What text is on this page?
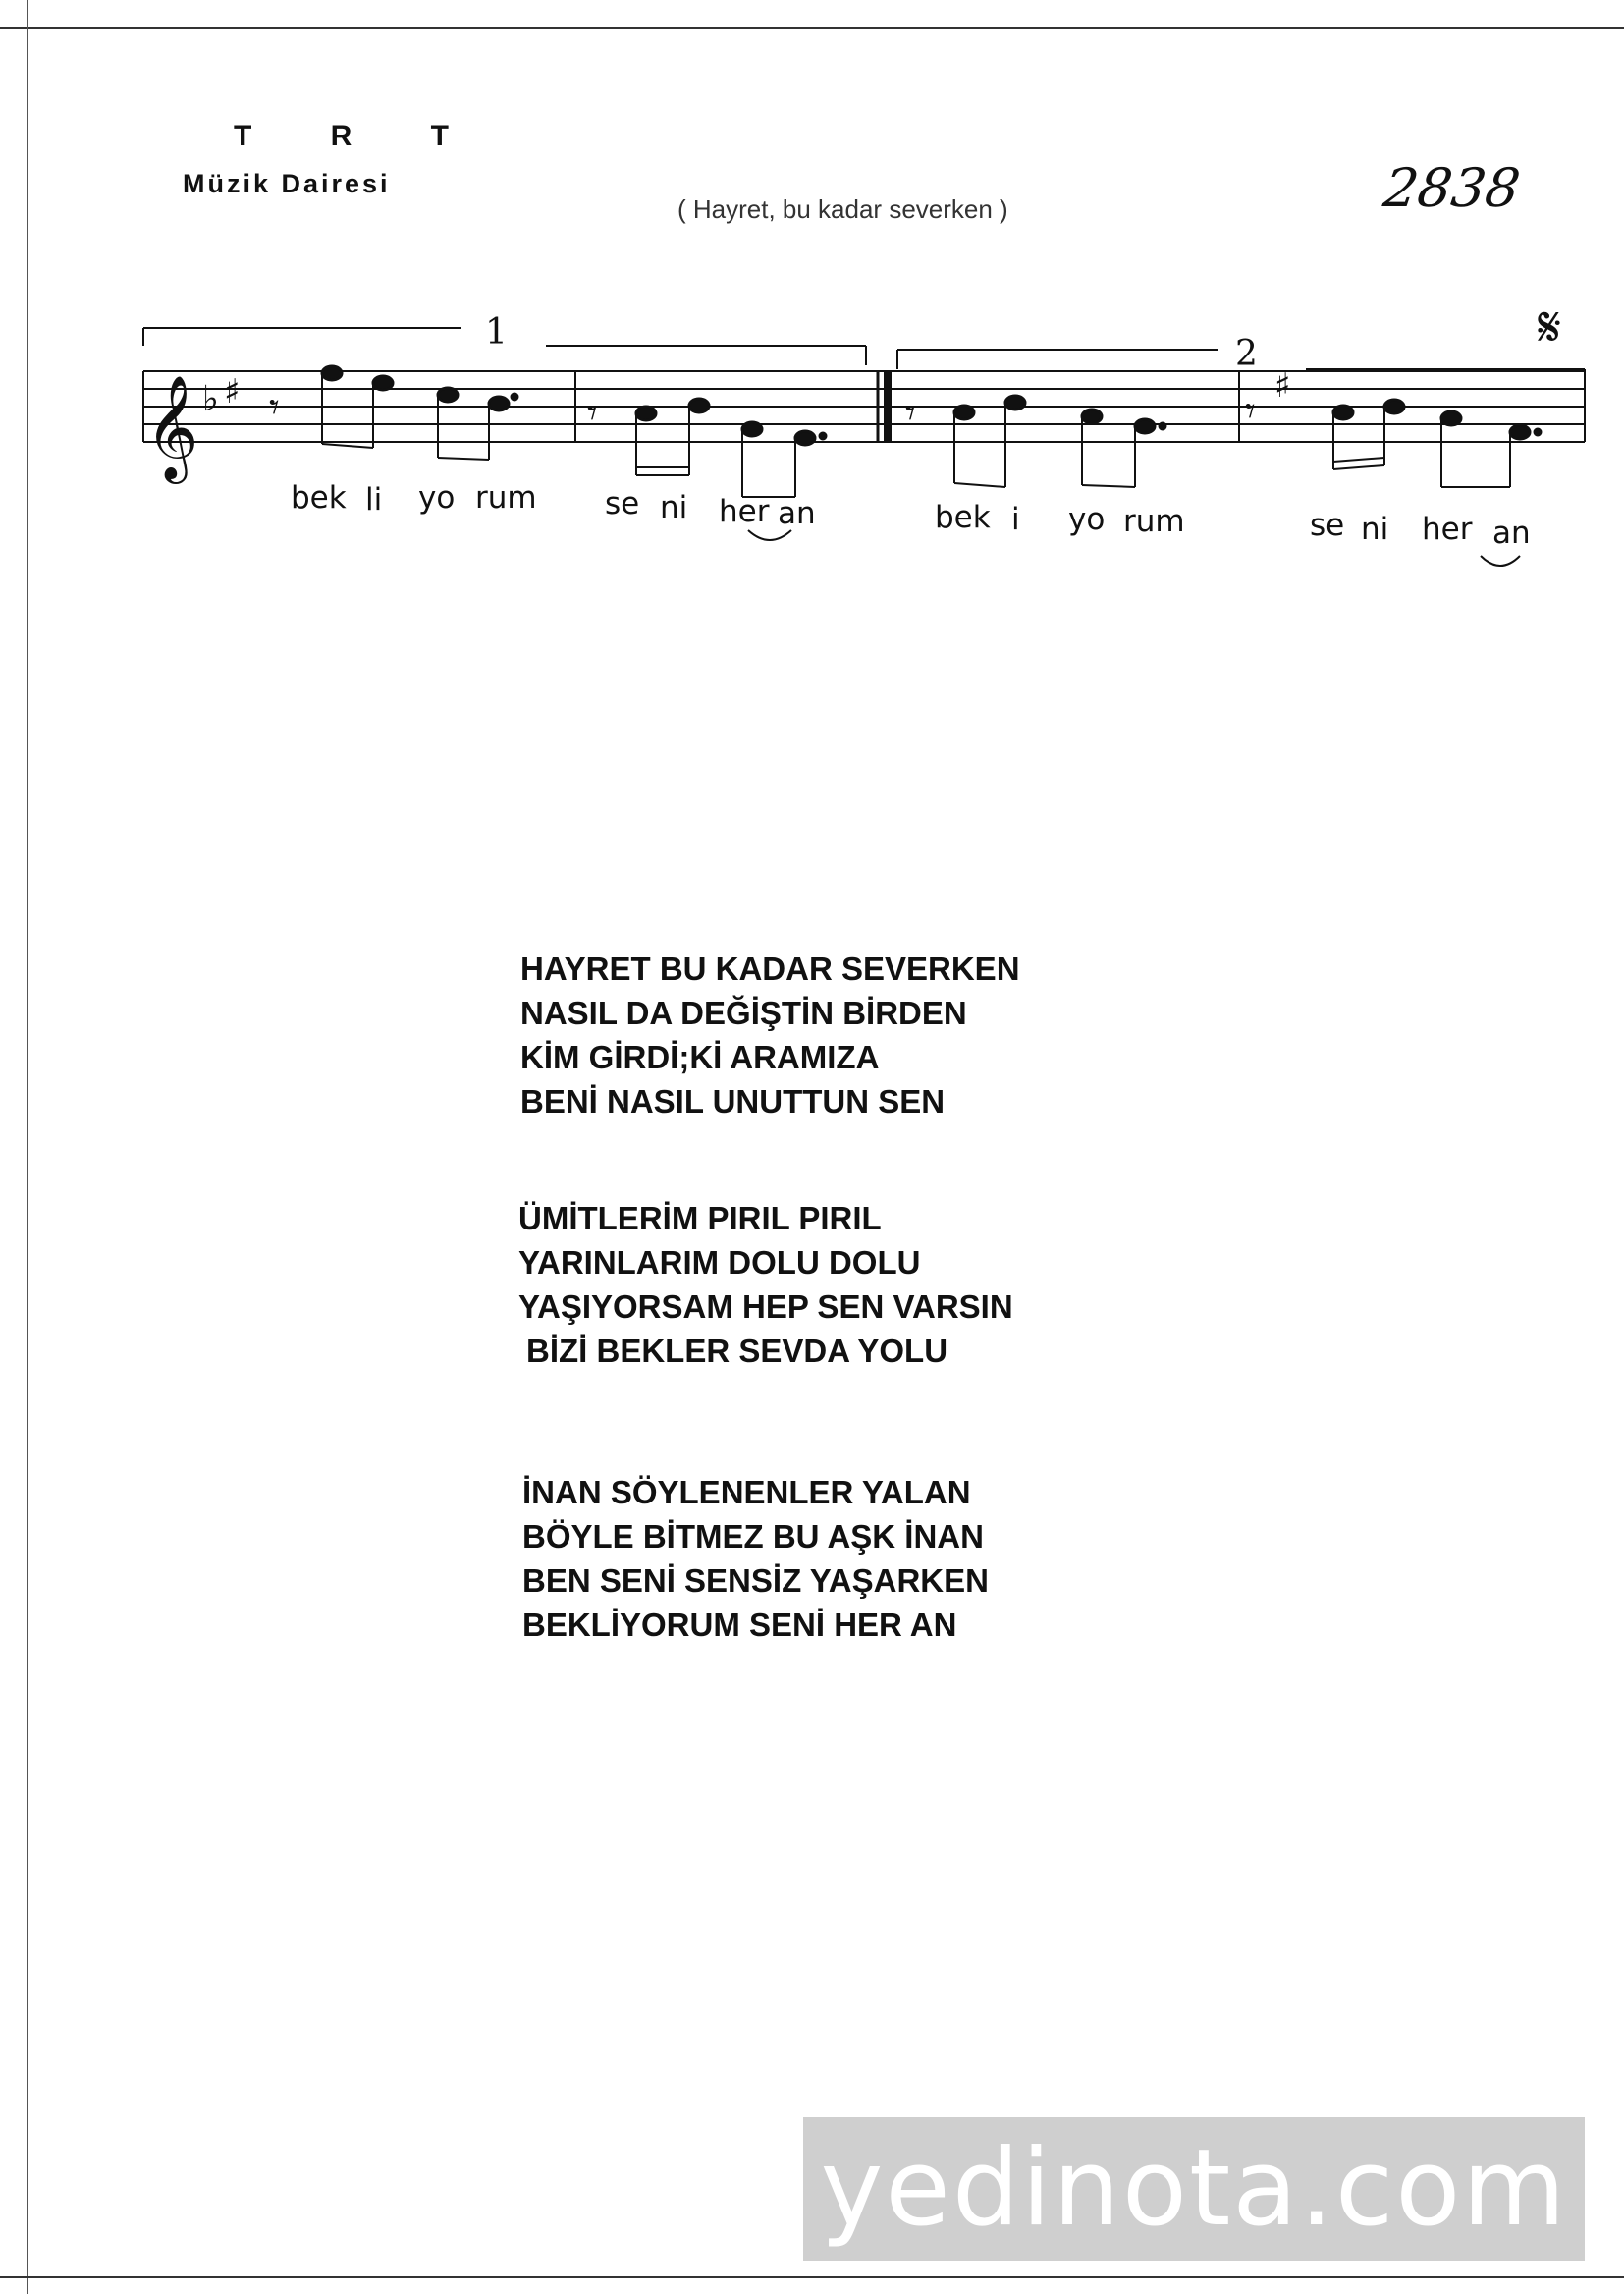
T R T
Müzik Dairesi
( Hayret, bu kadar severken )	2838
𝄞 ♭ ♯	♯
𝄋
𝄾	𝄾	𝄾	𝄾
1
2
bek li yo rum se ni her an	bek i yo rum	se ni her an
HAYRET BU KADAR SEVERKEN
NASIL DA DEĞİŞTİN BİRDEN
KİM GİRDİ;Kİ ARAMIZA
BENİ NASIL UNUTTUN SEN
ÜMİTLERİM PIRIL PIRIL
YARINLARIM DOLU DOLU
YAŞIYORSAM HEP SEN VARSIN
BİZİ BEKLER SEVDA YOLU
İNAN SÖYLENENLER YALAN
BÖYLE BİTMEZ BU AŞK İNAN
BEN SENİ SENSİZ YAŞARKEN
BEKLİYORUM SENİ HER AN
yedinota.com
